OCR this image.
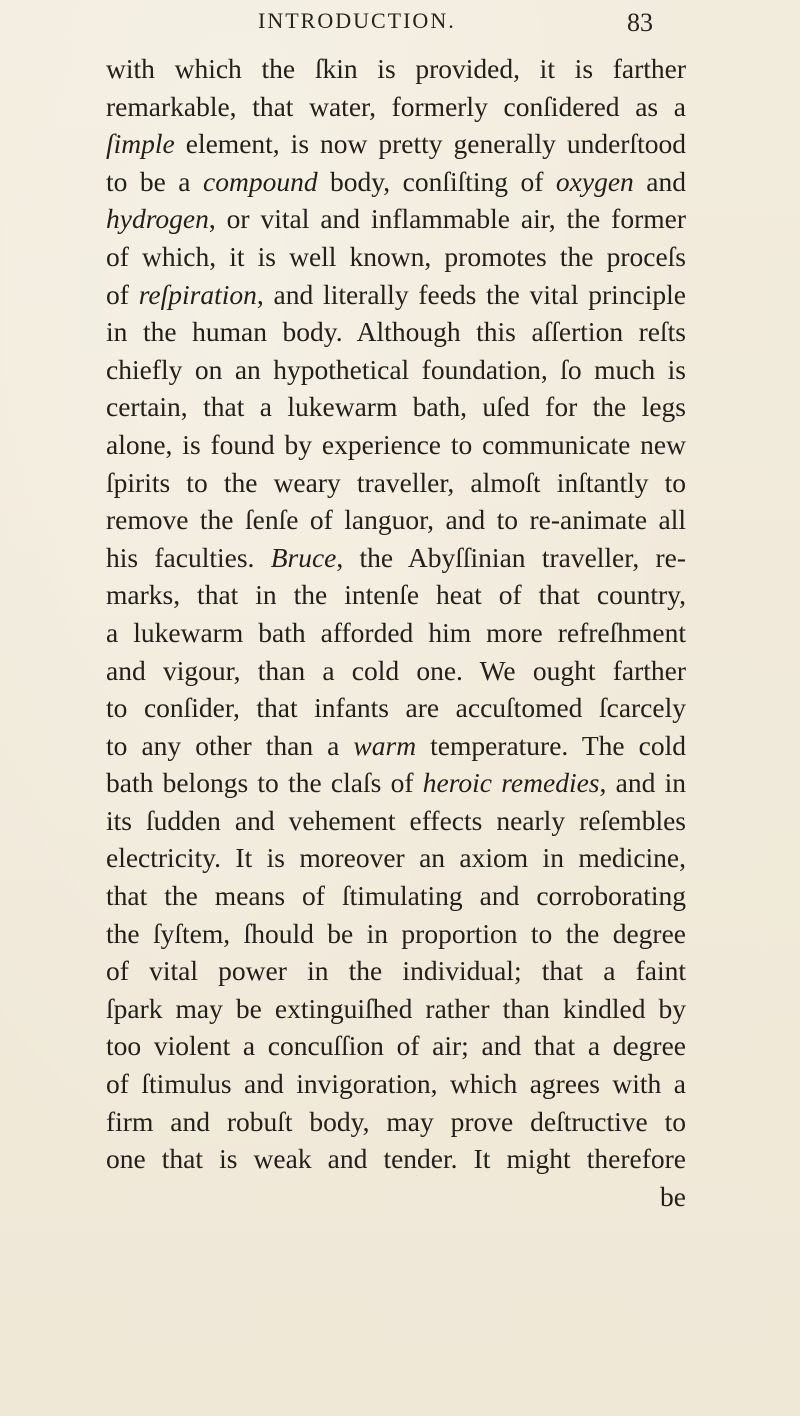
INTRODUCTION.	83
with which the ſkin is provided, it is farther
remarkable, that water, formerly conſidered as a
ſimple element, is now pretty generally underſtood
to be a compound body, conſiſting of oxygen and
hydrogen, or vital and inflammable air, the former
of which, it is well known, promotes the proceſs
of reſpiration, and literally feeds the vital principle
in the human body. Although this aſſertion reſts
chiefly on an hypothetical foundation, ſo much is
certain, that a lukewarm bath, uſed for the legs
alone, is found by experience to communicate new
ſpirits to the weary traveller, almoſt inſtantly to
remove the ſenſe of languor, and to re-animate all
his faculties. Bruce, the Abyſſinian traveller, re-
marks, that in the intenſe heat of that country,
a lukewarm bath afforded him more refreſhment
and vigour, than a cold one. We ought farther
to conſider, that infants are accuſtomed ſcarcely
to any other than a warm temperature. The cold
bath belongs to the claſs of heroic remedies, and in
its ſudden and vehement effects nearly reſembles
electricity. It is moreover an axiom in medicine,
that the means of ſtimulating and corroborating
the ſyſtem, ſhould be in proportion to the degree
of vital power in the individual; that a faint
ſpark may be extinguiſhed rather than kindled by
too violent a concuſſion of air; and that a degree
of ſtimulus and invigoration, which agrees with a
firm and robuſt body, may prove deſtructive to
one that is weak and tender. It might therefore
be
